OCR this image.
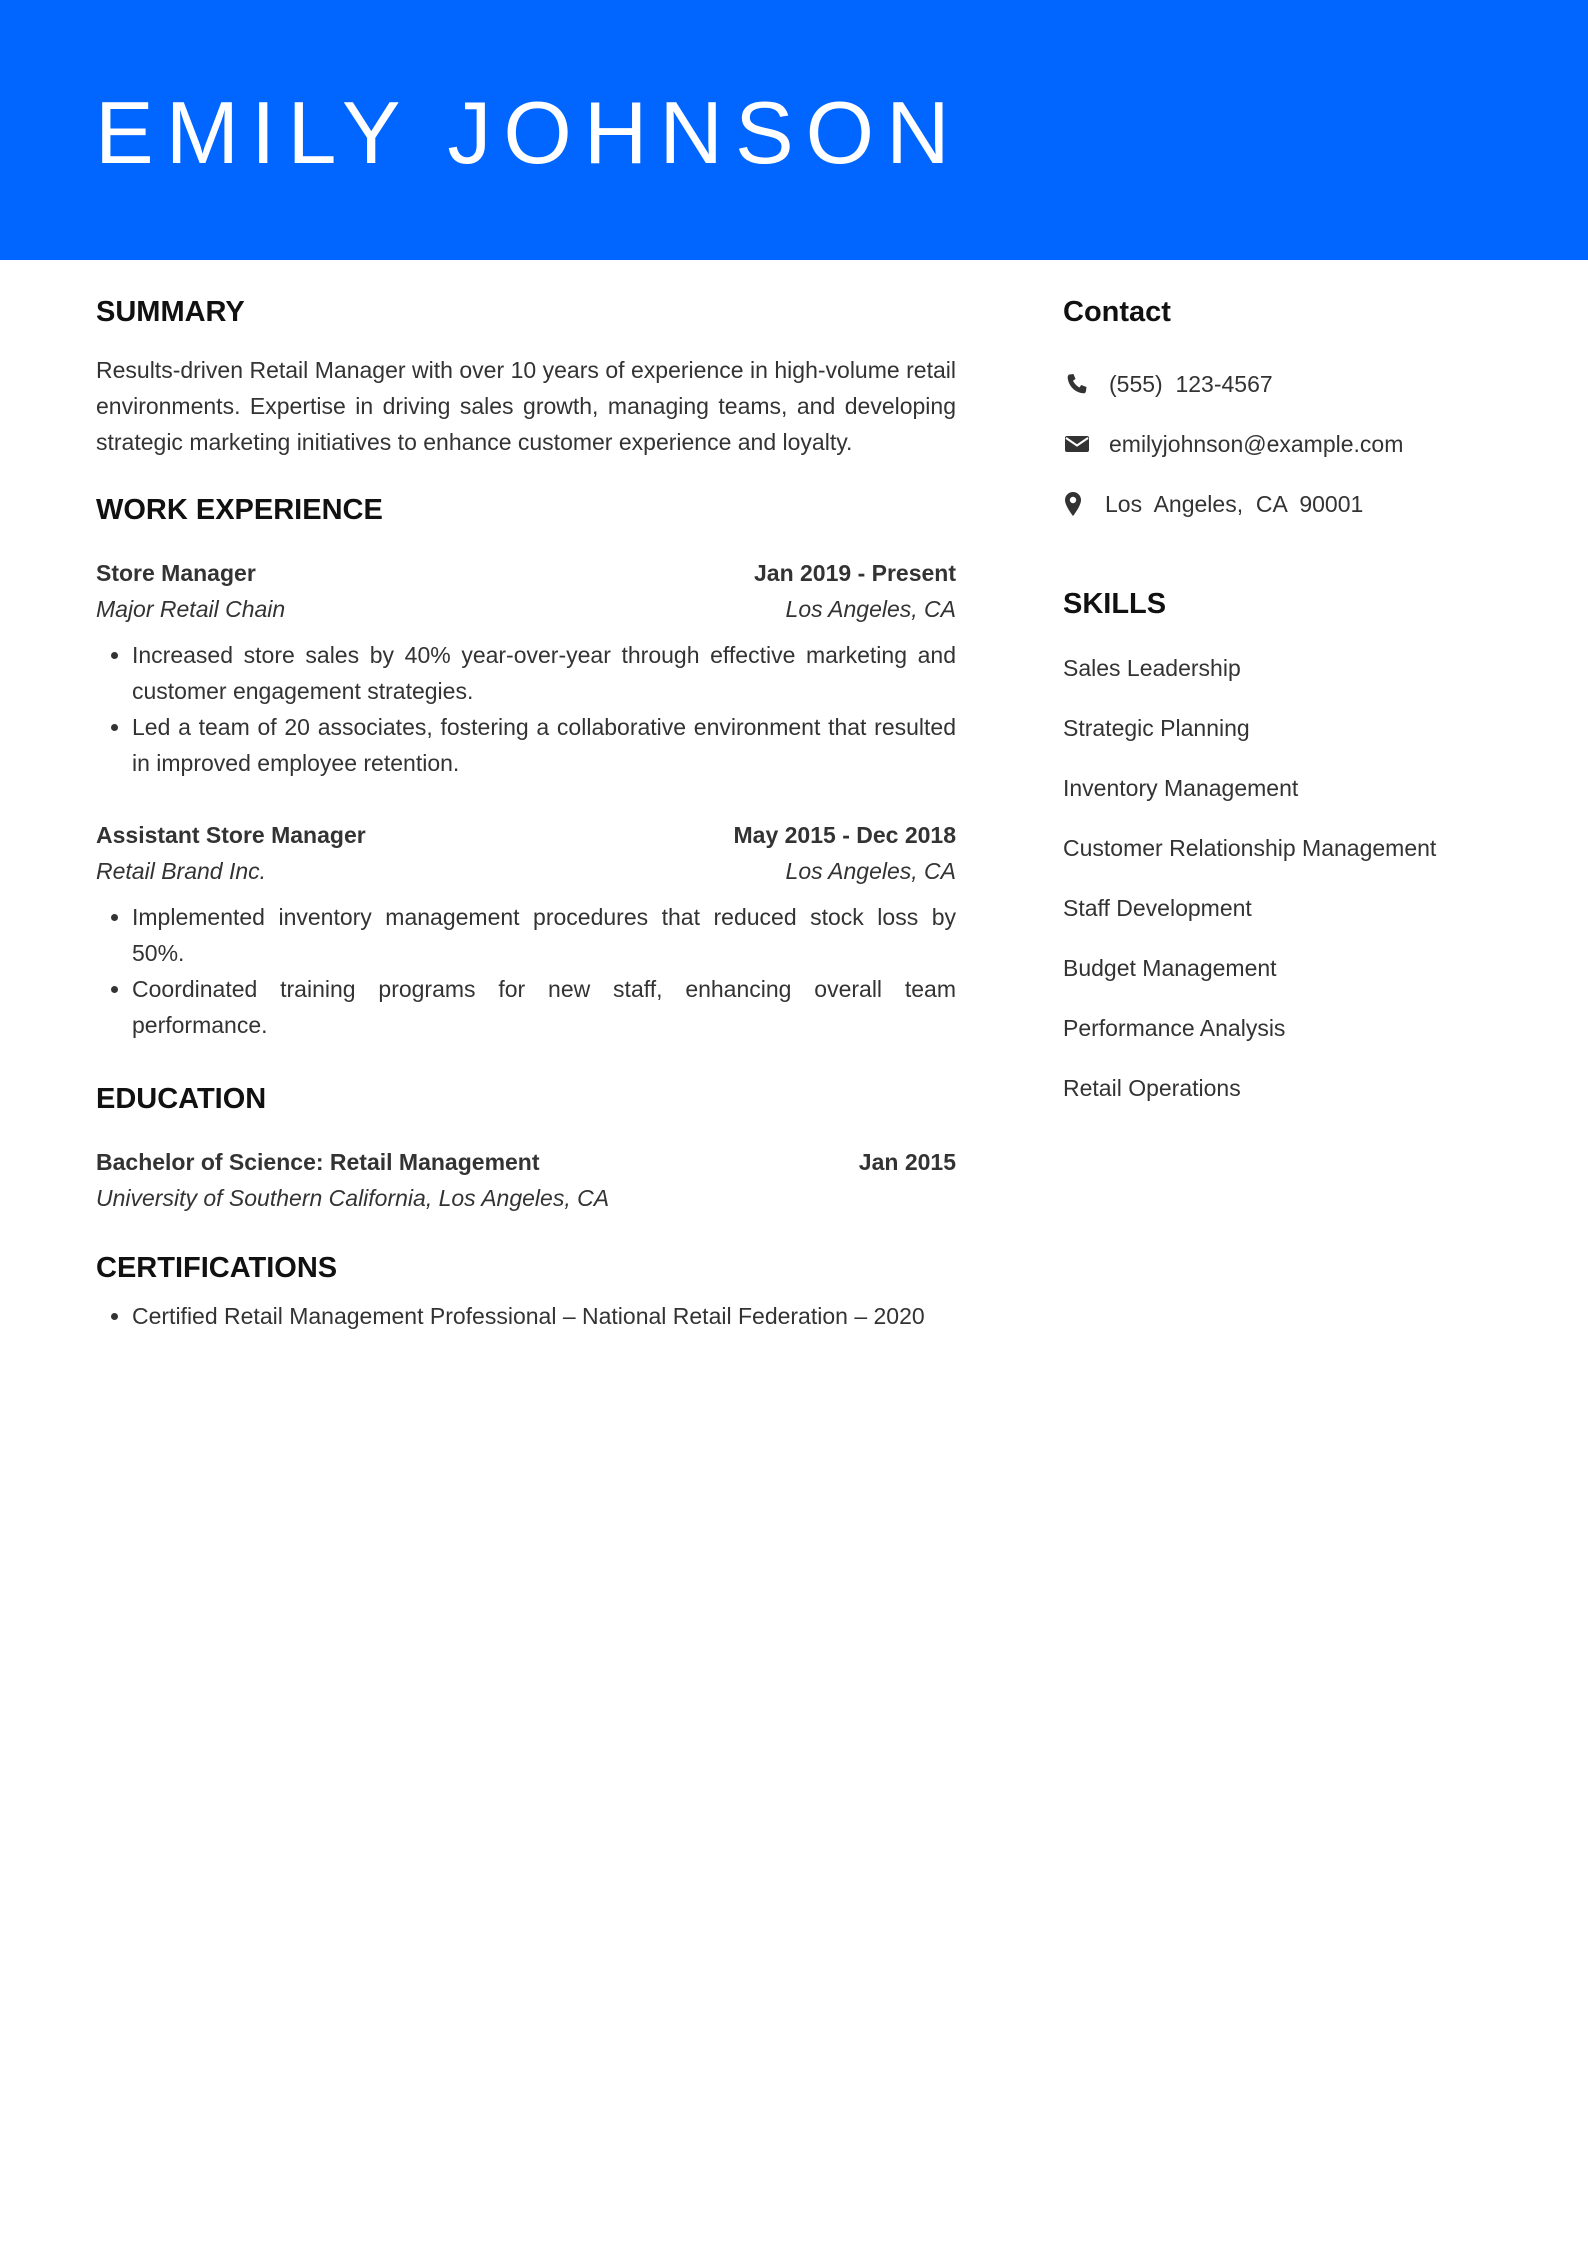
EMILY JOHNSON
SUMMARY
Results-driven Retail Manager with over 10 years of experience in high-volume retail environments. Expertise in driving sales growth, managing teams, and developing strategic marketing initiatives to enhance customer experience and loyalty.
WORK EXPERIENCE
Store Manager	Jan 2019 - Present
Major Retail Chain	Los Angeles, CA
• Increased store sales by 40% year-over-year through effective marketing and customer engagement strategies.
• Led a team of 20 associates, fostering a collaborative environment that resulted in improved employee retention.
Assistant Store Manager	May 2015 - Dec 2018
Retail Brand Inc.	Los Angeles, CA
• Implemented inventory management procedures that reduced stock loss by 50%.
• Coordinated training programs for new staff, enhancing overall team performance.
EDUCATION
Bachelor of Science: Retail Management	Jan 2015
University of Southern California, Los Angeles, CA
CERTIFICATIONS
• Certified Retail Management Professional – National Retail Federation – 2020
Contact
(555)  123-4567
emilyjohnson@example.com
Los  Angeles,  CA  90001
SKILLS
Sales Leadership
Strategic Planning
Inventory Management
Customer Relationship Management
Staff Development
Budget Management
Performance Analysis
Retail Operations
